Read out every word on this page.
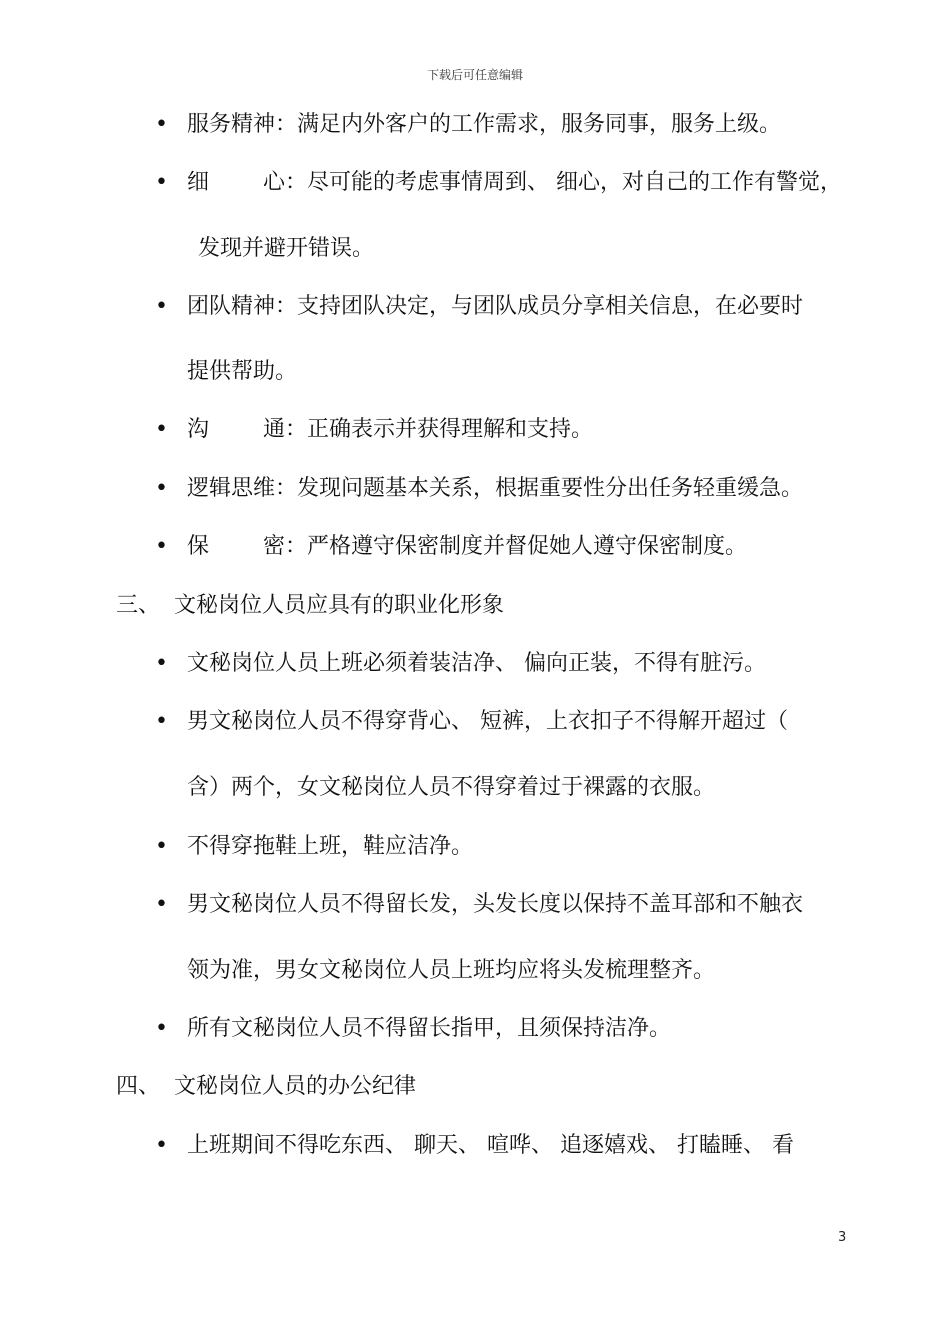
下载后可任意编辑
•
服务精神：满足内外客户的工作需求，服务同事，服务上级。
•
细 心 ：尽可能的考虑事情周到、 细心，对自己的工作有警觉，
发现并避开错误。
•
团队精神：支持团队决定，与团队成员分享相关信息，在必要时
提供帮助。
•
沟 通 ：正确表示并获得理解和支持。
•
逻辑思维：发现问题基本关系，根据重要性分出任务轻重缓急。
•
保 密 ：严格遵守保密制度并督促她人遵守保密制度。
三、 文秘岗位人员应具有的职业化形象
•
文秘岗位人员上班必须着装洁净、 偏向正装，不得有脏污。
•
男文秘岗位人员不得穿背心、 短裤，上衣扣子不得解开超过（
含）两个，女文秘岗位人员不得穿着过于裸露的衣服。
•
不得穿拖鞋上班，鞋应洁净。
•
男文秘岗位人员不得留长发，头发长度以保持不盖耳部和不触衣
领为准，男女文秘岗位人员上班均应将头发梳理整齐。
•
所有文秘岗位人员不得留长指甲，且须保持洁净。
四、 文秘岗位人员的办公纪律
•
上班期间不得吃东西、 聊天、 喧哗、 追逐嬉戏、 打瞌睡、 看
3
